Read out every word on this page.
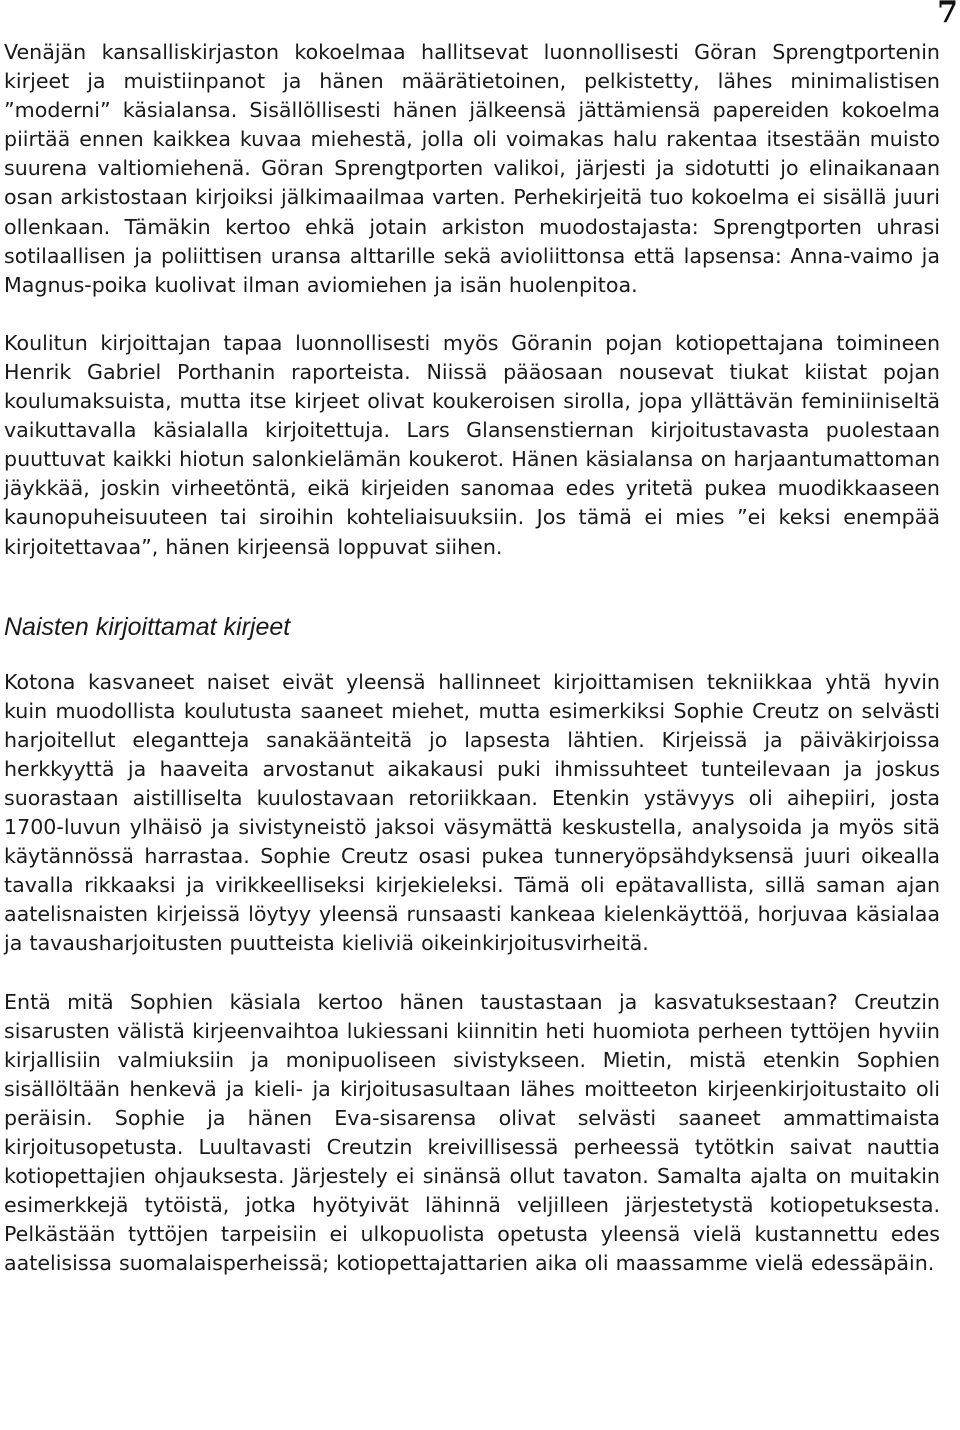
7

Venäjän kansalliskirjaston kokoelmaa hallitsevat luonnollisesti Göran Sprengtportenin kirjeet ja muistiinpanot ja hänen määrätietoinen, pelkistetty, lähes minimalistisen ”moderni” käsialansa. Sisällöllisesti hänen jälkeensä jättämiensä papereiden kokoelma piirtää ennen kaikkea kuvaa miehestä, jolla oli voimakas halu rakentaa itsestään muisto suurena valtiomiehenä. Göran Sprengtporten valikoi, järjesti ja sidotutti jo elinaikanaan osan arkistostaan kirjoiksi jälkimaailmaa varten. Perhekirjeitä tuo kokoelma ei sisällä juuri ollenkaan. Tämäkin kertoo ehkä jotain arkiston muodostajasta: Sprengtporten uhrasi sotilaallisen ja poliittisen uransa alttarille sekä avioliittonsa että lapsensa: Anna-vaimo ja Magnus-poika kuolivat ilman aviomiehen ja isän huolenpitoa.

Koulitun kirjoittajan tapaa luonnollisesti myös Göranin pojan kotiopettajana toimineen Henrik Gabriel Porthanin raporteista. Niissä pääosaan nousevat tiukat kiistat pojan koulumaksuista, mutta itse kirjeet olivat koukeroisen sirolla, jopa yllättävän feminiiniseltä vaikuttavalla käsialalla kirjoitettuja. Lars Glansenstiernan kirjoitustavasta puolestaan puuttuvat kaikki hiotun salonkielämän koukerot. Hänen käsialansa on harjaantumattoman jäykkää, joskin virheetöntä, eikä kirjeiden sanomaa edes yritetä pukea muodikkaaseen kaunopuheisuuteen tai siroihin kohteliaisuuksiin. Jos tämä ei mies ”ei keksi enempää kirjoitettavaa”, hänen kirjeensä loppuvat siihen.

Naisten kirjoittamat kirjeet

Kotona kasvaneet naiset eivät yleensä hallinneet kirjoittamisen tekniikkaa yhtä hyvin kuin muodollista koulutusta saaneet miehet, mutta esimerkiksi Sophie Creutz on selvästi harjoitellut elegantteja sanakäänteitä jo lapsesta lähtien. Kirjeissä ja päiväkirjoissa herkkyyttä ja haaveita arvostanut aikakausi puki ihmissuhteet tunteilevaan ja joskus suorastaan aistilliselta kuulostavaan retoriikkaan. Etenkin ystävyys oli aihepiiri, josta 1700-luvun ylhäisö ja sivistyneistö jaksoi väsymättä keskustella, analysoida ja myös sitä käytännössä harrastaa. Sophie Creutz osasi pukea tunneryöpsähdyksensä juuri oikealla tavalla rikkaaksi ja virikkeelliseksi kirjekieleksi. Tämä oli epätavallista, sillä saman ajan aatelisnaisten kirjeissä löytyy yleensä runsaasti kankeaa kielenkäyttöä, horjuvaa käsialaa ja tavausharjoitusten puutteista kieliviä oikeinkirjoitusvirheitä.

Entä mitä Sophien käsiala kertoo hänen taustastaan ja kasvatuksestaan? Creutzin sisarusten välistä kirjeenvaihtoa lukiessani kiinnitin heti huomiota perheen tyttöjen hyviin kirjallisiin valmiuksiin ja monipuoliseen sivistykseen. Mietin, mistä etenkin Sophien sisällöltään henkevä ja kieli- ja kirjoitusasultaan lähes moitteeton kirjeenkirjoitustaito oli peräisin. Sophie ja hänen Eva-sisarensa olivat selvästi saaneet ammattimaista kirjoitusopetusta. Luultavasti Creutzin kreivillisessä perheessä tytötkin saivat nauttia kotiopettajien ohjauksesta. Järjestely ei sinänsä ollut tavaton. Samalta ajalta on muitakin esimerkkejä tytöistä, jotka hyötyivät lähinnä veljilleen järjestetystä kotiopetuksesta. Pelkästään tyttöjen tarpeisiin ei ulkopuolista opetusta yleensä vielä kustannettu edes aatelisissa suomalaisperheissä; kotiopettajattarien aika oli maassamme vielä edessäpäin.
